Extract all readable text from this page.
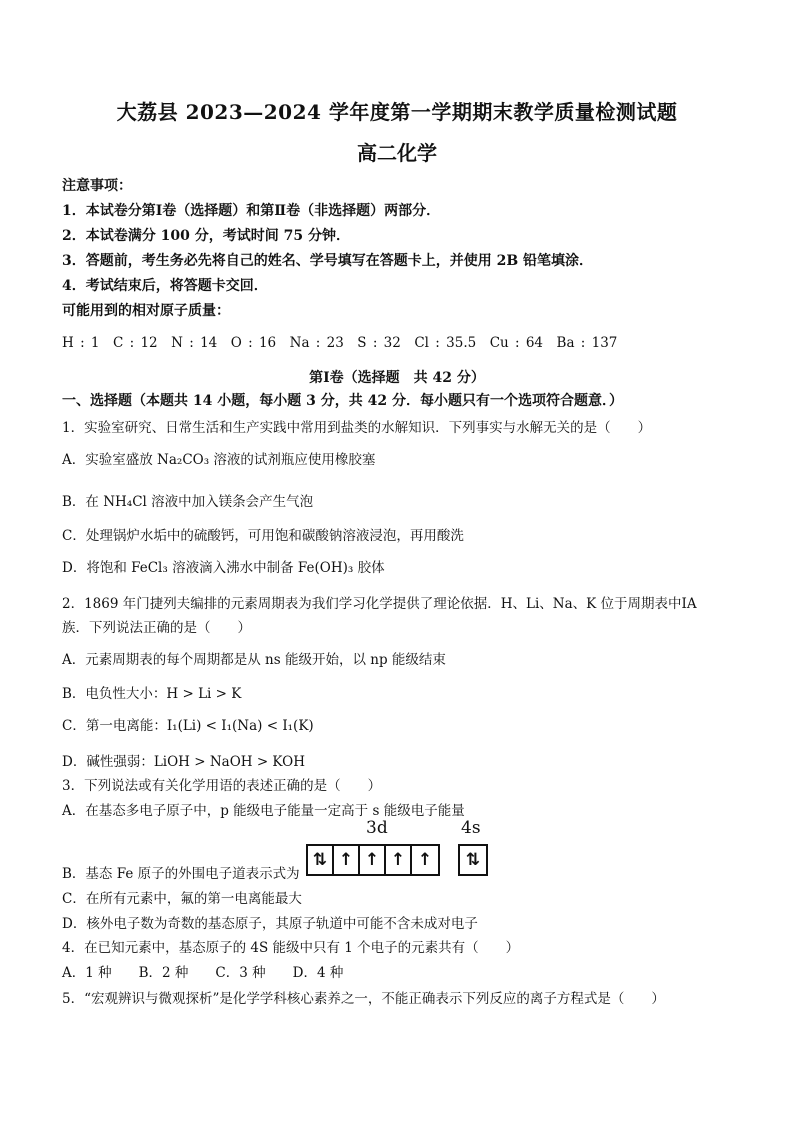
大荔县 2023—2024 学年度第一学期期末教学质量检测试题
高二化学
注意事项：
1．本试卷分第Ⅰ卷（选择题）和第Ⅱ卷（非选择题）两部分．
2．本试卷满分 100 分，考试时间 75 分钟．
3．答题前，考生务必先将自己的姓名、学号填写在答题卡上，并使用 2B 铅笔填涂．
4．考试结束后，将答题卡交回．
可能用到的相对原子质量：
H : 1　C : 12　N : 14　O : 16　Na : 23　S : 32　Cl : 35.5　Cu : 64　Ba : 137
第Ⅰ卷（选择题　共 42 分）
一、选择题（本题共 14 小题，每小题 3 分，共 42 分．每小题只有一个选项符合题意．）
1．实验室研究、日常生活和生产实践中常用到盐类的水解知识．下列事实与水解无关的是（　　）
A．实验室盛放 Na₂CO₃ 溶液的试剂瓶应使用橡胶塞
B．在 NH₄Cl 溶液中加入镁条会产生气泡
C．处理锅炉水垢中的硫酸钙，可用饱和碳酸钠溶液浸泡，再用酸洗
D．将饱和 FeCl₃ 溶液滴入沸水中制备 Fe(OH)₃ 胶体
2．1869 年门捷列夫编排的元素周期表为我们学习化学提供了理论依据．H、Li、Na、K 位于周期表中ⅠA
族．下列说法正确的是（　　）
A．元素周期表的每个周期都是从 ns 能级开始，以 np 能级结束
B．电负性大小：H > Li > K
C．第一电离能：I₁(Li) < I₁(Na) < I₁(K)
D．碱性强弱：LiOH > NaOH > KOH
3．下列说法或有关化学用语的表述正确的是（　　）
A．在基态多电子原子中，p 能级电子能量一定高于 s 能级电子能量
B．基态 Fe 原子的外围电子道表示式为
3d	4s
⇅ ↑ ↑ ↑ ↑	⇅
C．在所有元素中，氟的第一电离能最大
D．核外电子数为奇数的基态原子，其原子轨道中可能不含未成对电子
4．在已知元素中，基态原子的 4S 能级中只有 1 个电子的元素共有（　　）
A．1 种　　B．2 种　　C．3 种　　D．4 种
5．“宏观辨识与微观探析”是化学学科核心素养之一，不能正确表示下列反应的离子方程式是（　　）
